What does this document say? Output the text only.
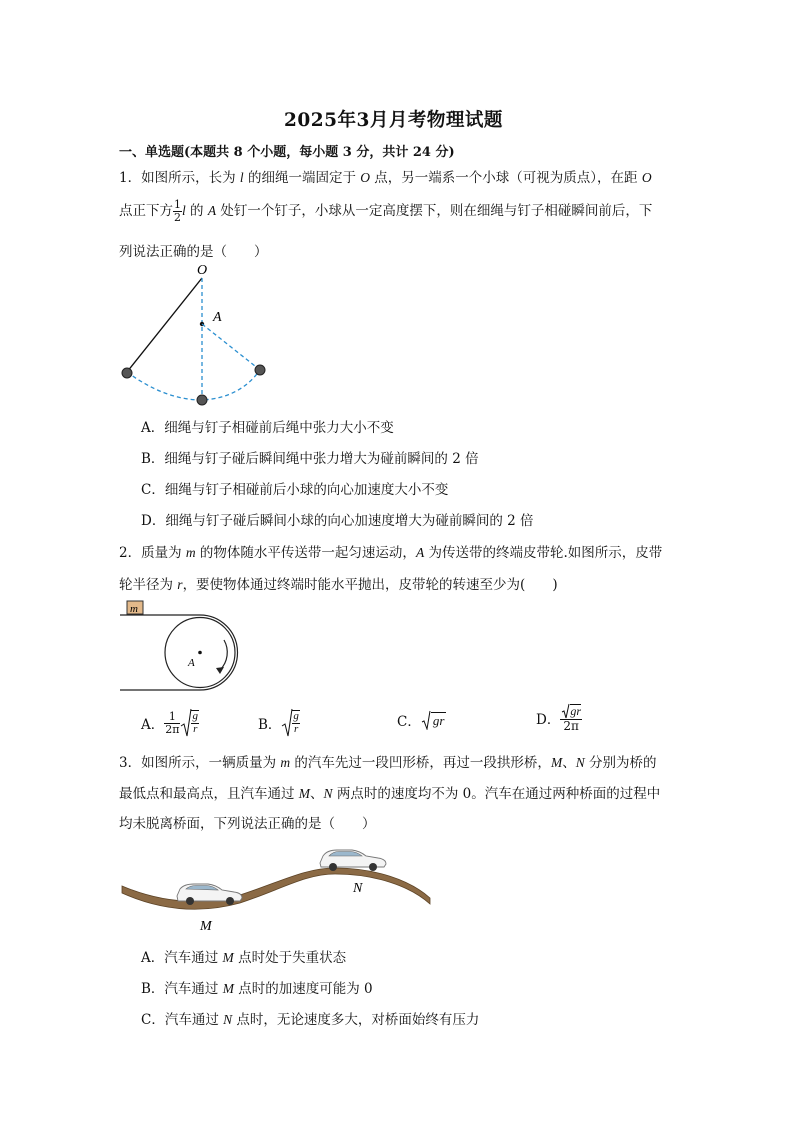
2025年3月月考物理试题
一、单选题(本题共 8 个小题，每小题 3 分，共计 24 分)
1．如图所示，长为 l 的细绳一端固定于 O 点，另一端系一个小球（可视为质点），在距 O
点正下方 $\frac{1}{2}$ l 的 A 处钉一个钉子，小球从一定高度摆下，则在细绳与钉子相碰瞬间前后，下
列说法正确的是（　　）
O
A
A．细绳与钉子相碰前后绳中张力大小不变
B．细绳与钉子碰后瞬间绳中张力增大为碰前瞬间的 2 倍
C．细绳与钉子相碰前后小球的向心加速度大小不变
D．细绳与钉子碰后瞬间小球的向心加速度增大为碰前瞬间的 2 倍
2．质量为 m 的物体随水平传送带一起匀速运动，A 为传送带的终端皮带轮.如图所示，皮带
轮半径为 r，要使物体通过终端时能水平抛出，皮带轮的转速至少为(　　)
m
A
A． $\frac{1}{2\pi} \frac{g}{r}$	B． $\frac{g}{r}$	C． gr	D． $\frac{gr}{2\pi}$
3．如图所示，一辆质量为 m 的汽车先过一段凹形桥，再过一段拱形桥，M、N 分别为桥的
最低点和最高点，且汽车通过 M、N 两点时的速度均不为 0。汽车在通过两种桥面的过程中
均未脱离桥面，下列说法正确的是（　　）
N
M
A．汽车通过 M 点时处于失重状态
B．汽车通过 M 点时的加速度可能为 0
C．汽车通过 N 点时，无论速度多大，对桥面始终有压力
